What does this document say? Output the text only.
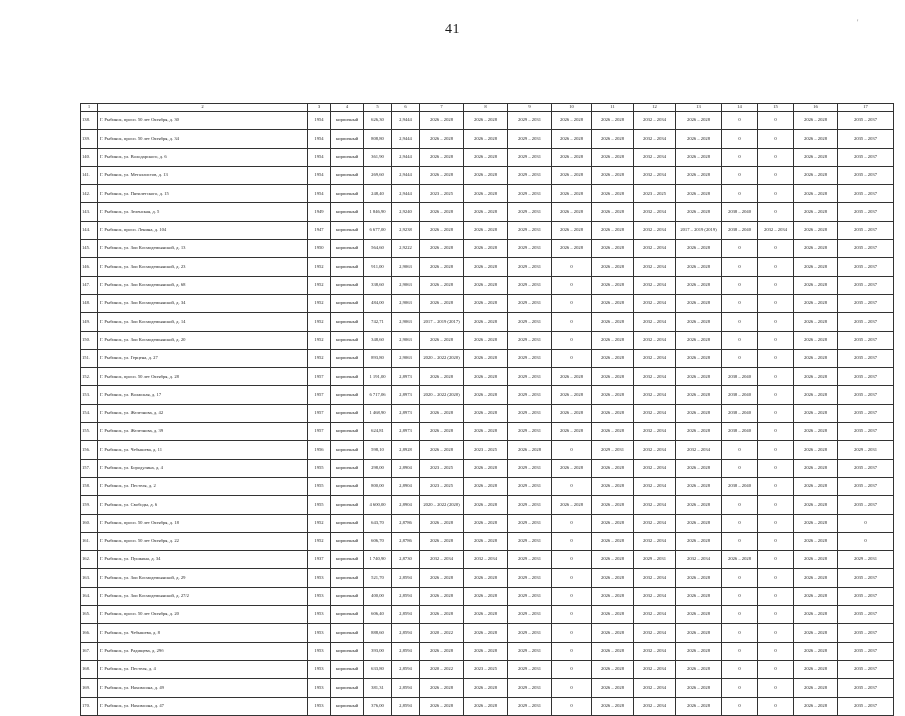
41	'
1	2	3	4	5	6	7	8	9	10	11	12	13	14	15	16	17
138.	Г. Рыбинск, просп. 50 лет Октября, д. 30	1954	кирпичный	626,30	2,9444	2026 – 2028	2026 – 2028	2029 – 2031	2026 – 2028	2026 – 2028	2032 – 2034	2026 – 2028	0	0	2026 – 2028	2035 – 2037
139.	Г. Рыбинск, просп. 50 лет Октября, д. 34	1954	кирпичный	808,80	2,9444	2026 – 2028	2026 – 2028	2029 – 2031	2026 – 2028	2026 – 2028	2032 – 2034	2026 – 2028	0	0	2026 – 2028	2035 – 2037
140.	Г. Рыбинск, ул. Володарского, д. 6	1954	кирпичный	361,90	2,9444	2026 – 2028	2026 – 2028	2029 – 2031	2026 – 2028	2026 – 2028	2032 – 2034	2026 – 2028	0	0	2026 – 2028	2035 – 2037
141.	Г. Рыбинск, ул. Металлистов, д. 13	1954	кирпичный	269,60	2,9444	2026 – 2028	2026 – 2028	2029 – 2031	2026 – 2028	2026 – 2028	2032 – 2034	2026 – 2028	0	0	2026 – 2028	2035 – 2037
142.	Г. Рыбинск, ул. Пятилетского, д. 15	1954	кирпичный	248,40	2,9444	2023 – 2025	2026 – 2028	2029 – 2031	2026 – 2028	2026 – 2028	2023 – 2025	2026 – 2028	0	0	2026 – 2028	2035 – 2037
143.	Г. Рыбинск, ул. Зеленская, д. 5	1949	кирпичный	1 846,90	2,9240	2026 – 2028	2026 – 2028	2029 – 2031	2026 – 2028	2026 – 2028	2032 – 2034	2026 – 2028	2038 – 2040	0	2026 – 2028	2035 – 2037
144.	Г. Рыбинск, просп. Ленина, д. 104	1947	кирпичный	6 677,00	2,9238	2026 – 2028	2026 – 2028	2029 – 2031	2026 – 2028	2026 – 2028	2032 – 2034	2017 – 2019 (2019)	2038 – 2040	2032 – 2034	2026 – 2028	2035 – 2037
145.	Г. Рыбинск, ул. Зои Космодемьянской, д. 13	1950	кирпичный	564,60	2,9222	2026 – 2028	2026 – 2028	2029 – 2031	2026 – 2028	2026 – 2028	2032 – 2034	2026 – 2028	0	0	2026 – 2028	2035 – 2037
146.	Г. Рыбинск, ул. Зои Космодемьянской, д. 23	1952	кирпичный	911,00	2,9063	2026 – 2028	2026 – 2028	2029 – 2031	0	2026 – 2028	2032 – 2034	2026 – 2028	0	0	2026 – 2028	2035 – 2037
147.	Г. Рыбинск, ул. Зои Космодемьянской, д. 68	1952	кирпичный	338,60	2,9063	2026 – 2028	2026 – 2028	2029 – 2031	0	2026 – 2028	2032 – 2034	2026 – 2028	0	0	2026 – 2028	2035 – 2037
148.	Г. Рыбинск, ул. Зои Космодемьянской, д. 34	1952	кирпичный	484,00	2,9063	2026 – 2028	2026 – 2028	2029 – 2031	0	2026 – 2028	2032 – 2034	2026 – 2028	0	0	2026 – 2028	2035 – 2037
149.	Г. Рыбинск, ул. Зои Космодемьянской, д. 14	1952	кирпичный	742,71	2,9063	2017 – 2019 (2017)	2026 – 2028	2029 – 2031	0	2026 – 2028	2032 – 2034	2026 – 2028	0	0	2026 – 2028	2035 – 2037
150.	Г. Рыбинск, ул. Зои Космодемьянской, д. 20	1952	кирпичный	348,60	2,9063	2026 – 2028	2026 – 2028	2029 – 2031	0	2026 – 2028	2032 – 2034	2026 – 2028	0	0	2026 – 2028	2035 – 2037
151.	Г. Рыбинск, ул. Герцена, д. 27	1952	кирпичный	893,80	2,9063	2020 – 2022 (2020)	2026 – 2028	2029 – 2031	0	2026 – 2028	2032 – 2034	2026 – 2028	0	0	2026 – 2028	2035 – 2037
152.	Г. Рыбинск, просп. 50 лет Октября, д. 28	1957	кирпичный	1 191,00	2,8973	2026 – 2028	2026 – 2028	2029 – 2031	2026 – 2028	2026 – 2028	2032 – 2034	2026 – 2028	2038 – 2040	0	2026 – 2028	2035 – 2037
153.	Г. Рыбинск, ул. Волжская, д. 17	1957	кирпичный	6 717,06	2,8973	2020 – 2022 (2020)	2026 – 2028	2029 – 2031	2026 – 2028	2026 – 2028	2032 – 2034	2026 – 2028	2038 – 2040	0	2026 – 2028	2035 – 2037
154.	Г. Рыбинск, ул. Железнова, д. 42	1957	кирпичный	1 468,90	2,8973	2026 – 2028	2026 – 2028	2029 – 2031	2026 – 2028	2026 – 2028	2032 – 2034	2026 – 2028	2038 – 2040	0	2026 – 2028	2035 – 2037
155.	Г. Рыбинск, ул. Железнова, д. 39	1957	кирпичный	624,81	2,8973	2026 – 2028	2026 – 2028	2029 – 2031	2026 – 2028	2026 – 2028	2032 – 2034	2026 – 2028	2038 – 2040	0	2026 – 2028	2035 – 2037
156.	Г. Рыбинск, ул. Чебышева, д. 11	1956	кирпичный	598,10	2,8928	2026 – 2028	2023 – 2025	2026 – 2028	0	2029 – 2031	2032 – 2034	2032 – 2034	0	0	2026 – 2028	2029 – 2031
157.	Г. Рыбинск, ул. Бородулина, д. 4	1955	кирпичный	298,00	2,8904	2023 – 2025	2026 – 2028	2029 – 2031	2026 – 2028	2026 – 2028	2032 – 2034	2026 – 2028	0	0	2026 – 2028	2035 – 2037
158.	Г. Рыбинск, ул. Пестеля, д. 2	1955	кирпичный	800,00	2,8904	2023 – 2025	2026 – 2028	2029 – 2031	0	2026 – 2028	2032 – 2034	2026 – 2028	2038 – 2040	0	2026 – 2028	2035 – 2037
159.	Г. Рыбинск, ул. Свободы, д. 6	1955	кирпичный	4 600,00	2,8904	2020 – 2022 (2020)	2026 – 2028	2029 – 2031	2026 – 2028	2026 – 2028	2032 – 2034	2026 – 2028	0	0	2026 – 2028	2035 – 2037
160.	Г. Рыбинск, просп. 50 лет Октября, д. 18	1952	кирпичный	643,70	2,8786	2026 – 2028	2026 – 2028	2029 – 2031	0	2026 – 2028	2032 – 2034	2026 – 2028	0	0	2026 – 2028	0
161.	Г. Рыбинск, просп. 50 лет Октября, д. 22	1952	кирпичный	606,70	2,8786	2026 – 2028	2026 – 2028	2029 – 2031	0	2026 – 2028	2032 – 2034	2026 – 2028	0	0	2026 – 2028	0
162.	Г. Рыбинск, ул. Пушкина, д. 34	1937	кирпичный	1 740,90	2,8730	2032 – 2034	2032 – 2034	2029 – 2031	0	2026 – 2028	2029 – 2031	2032 – 2034	2026 – 2028	0	2026 – 2028	2029 – 2031
163.	Г. Рыбинск, ул. Зои Космодемьянской, д. 29	1953	кирпичный	521,70	2,8594	2026 – 2028	2026 – 2028	2029 – 2031	0	2026 – 2028	2032 – 2034	2026 – 2028	0	0	2026 – 2028	2035 – 2037
164.	Г. Рыбинск, ул. Зои Космодемьянской, д. 27/2	1953	кирпичный	400,00	2,8594	2026 – 2028	2026 – 2028	2029 – 2031	0	2026 – 2028	2032 – 2034	2026 – 2028	0	0	2026 – 2028	2035 – 2037
165.	Г. Рыбинск, просп. 50 лет Октября, д. 20	1953	кирпичный	606,40	2,8594	2026 – 2028	2026 – 2028	2029 – 2031	0	2026 – 2028	2032 – 2034	2026 – 2028	0	0	2026 – 2028	2035 – 2037
166.	Г. Рыбинск, ул. Чебышева, д. 8	1953	кирпичный	888,60	2,8594	2020 – 2022	2026 – 2028	2029 – 2031	0	2026 – 2028	2032 – 2034	2026 – 2028	0	0	2026 – 2028	2035 – 2037
167.	Г. Рыбинск, ул. Радищева, д. 29б	1953	кирпичный	393,00	2,8594	2026 – 2028	2026 – 2028	2029 – 2031	0	2026 – 2028	2032 – 2034	2026 – 2028	0	0	2026 – 2028	2035 – 2037
168.	Г. Рыбинск, ул. Пестеля, д. 4	1953	кирпичный	633,80	2,8594	2020 – 2022	2023 – 2025	2029 – 2031	0	2026 – 2028	2032 – 2034	2026 – 2028	0	0	2026 – 2028	2035 – 2037
169.	Г. Рыбинск, ул. Нахимсона, д. 49	1953	кирпичный	381,31	2,8594	2026 – 2028	2026 – 2028	2029 – 2031	0	2026 – 2028	2032 – 2034	2026 – 2028	0	0	2026 – 2028	2035 – 2037
170.	Г. Рыбинск, ул. Нахимсона, д. 47	1953	кирпичный	376,00	2,8594	2026 – 2028	2026 – 2028	2029 – 2031	0	2026 – 2028	2032 – 2034	2026 – 2028	0	0	2026 – 2028	2035 – 2037
